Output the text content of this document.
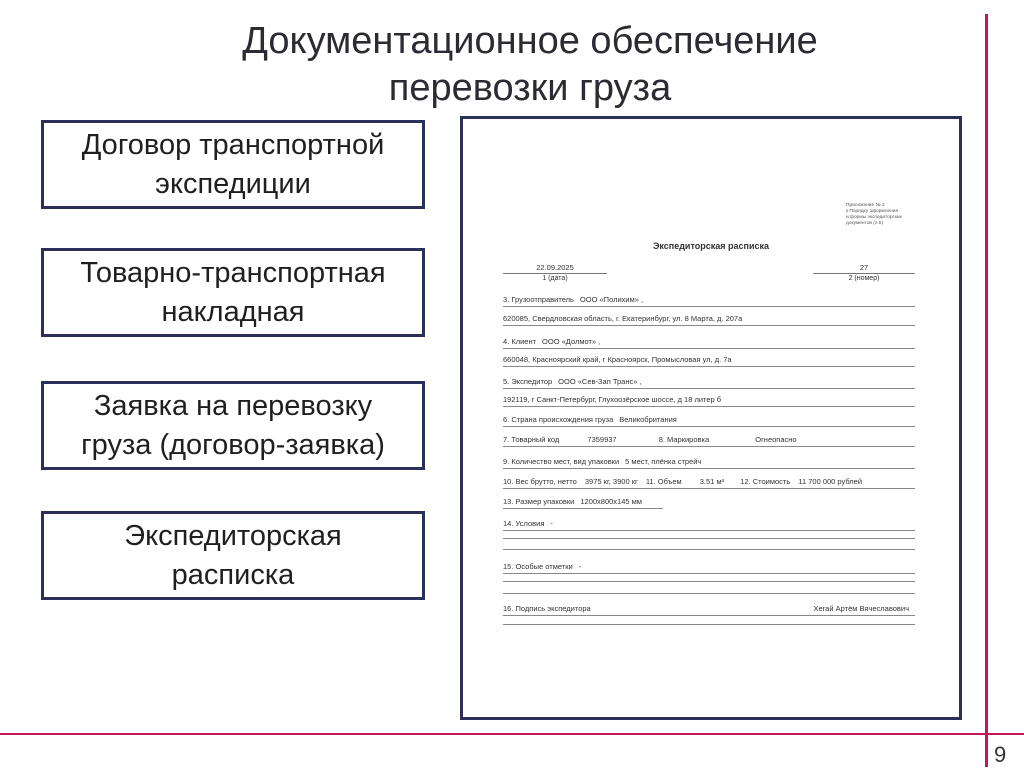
9
Документационное обеспечение
перевозки груза
Договор транспортной
экспедиции
Товарно-транспортная
накладная
Заявка на перевозку
груза (договор-заявка)
Экспедиторская
расписка
Приложение № 2
к Порядку оформления
и формы экспедиторских
документов (п.5)
Экспедиторская расписка
22.09.2025
1 (дата)
27
2 (номер)
3. Грузоотправитель ООО «Полихим» ,
620085, Свердловская область, г. Екатеринбург, ул. 8 Марта, д. 207а
4. Клиент ООО «Долмот» ,
660048, Красноярский край, г Красноярск, Промысловая ул, д. 7а
5. Экспедитор ООО «Сев-Зап Транс» ,
192119, г Санкт-Петербург, Глухоозёрское шоссе, д 18 литер б
6. Страна происхождения груза Великобритания
7. Товарный код	7359937	8. Маркировка	Огнеопасно
9. Количество мест, вид упаковки 5 мест, плёнка стрейч
10. Вес брутто, нетто 3975 кг, 3900 кг 11. Объем 3.51 м³ 12. Стоимость 11 700 000 рублей
13. Размер упаковки 1200х800х145 мм
14. Условия -
15. Особые отметки -
16. Подпись экспедитора	Хегай Артём Вячеславович
